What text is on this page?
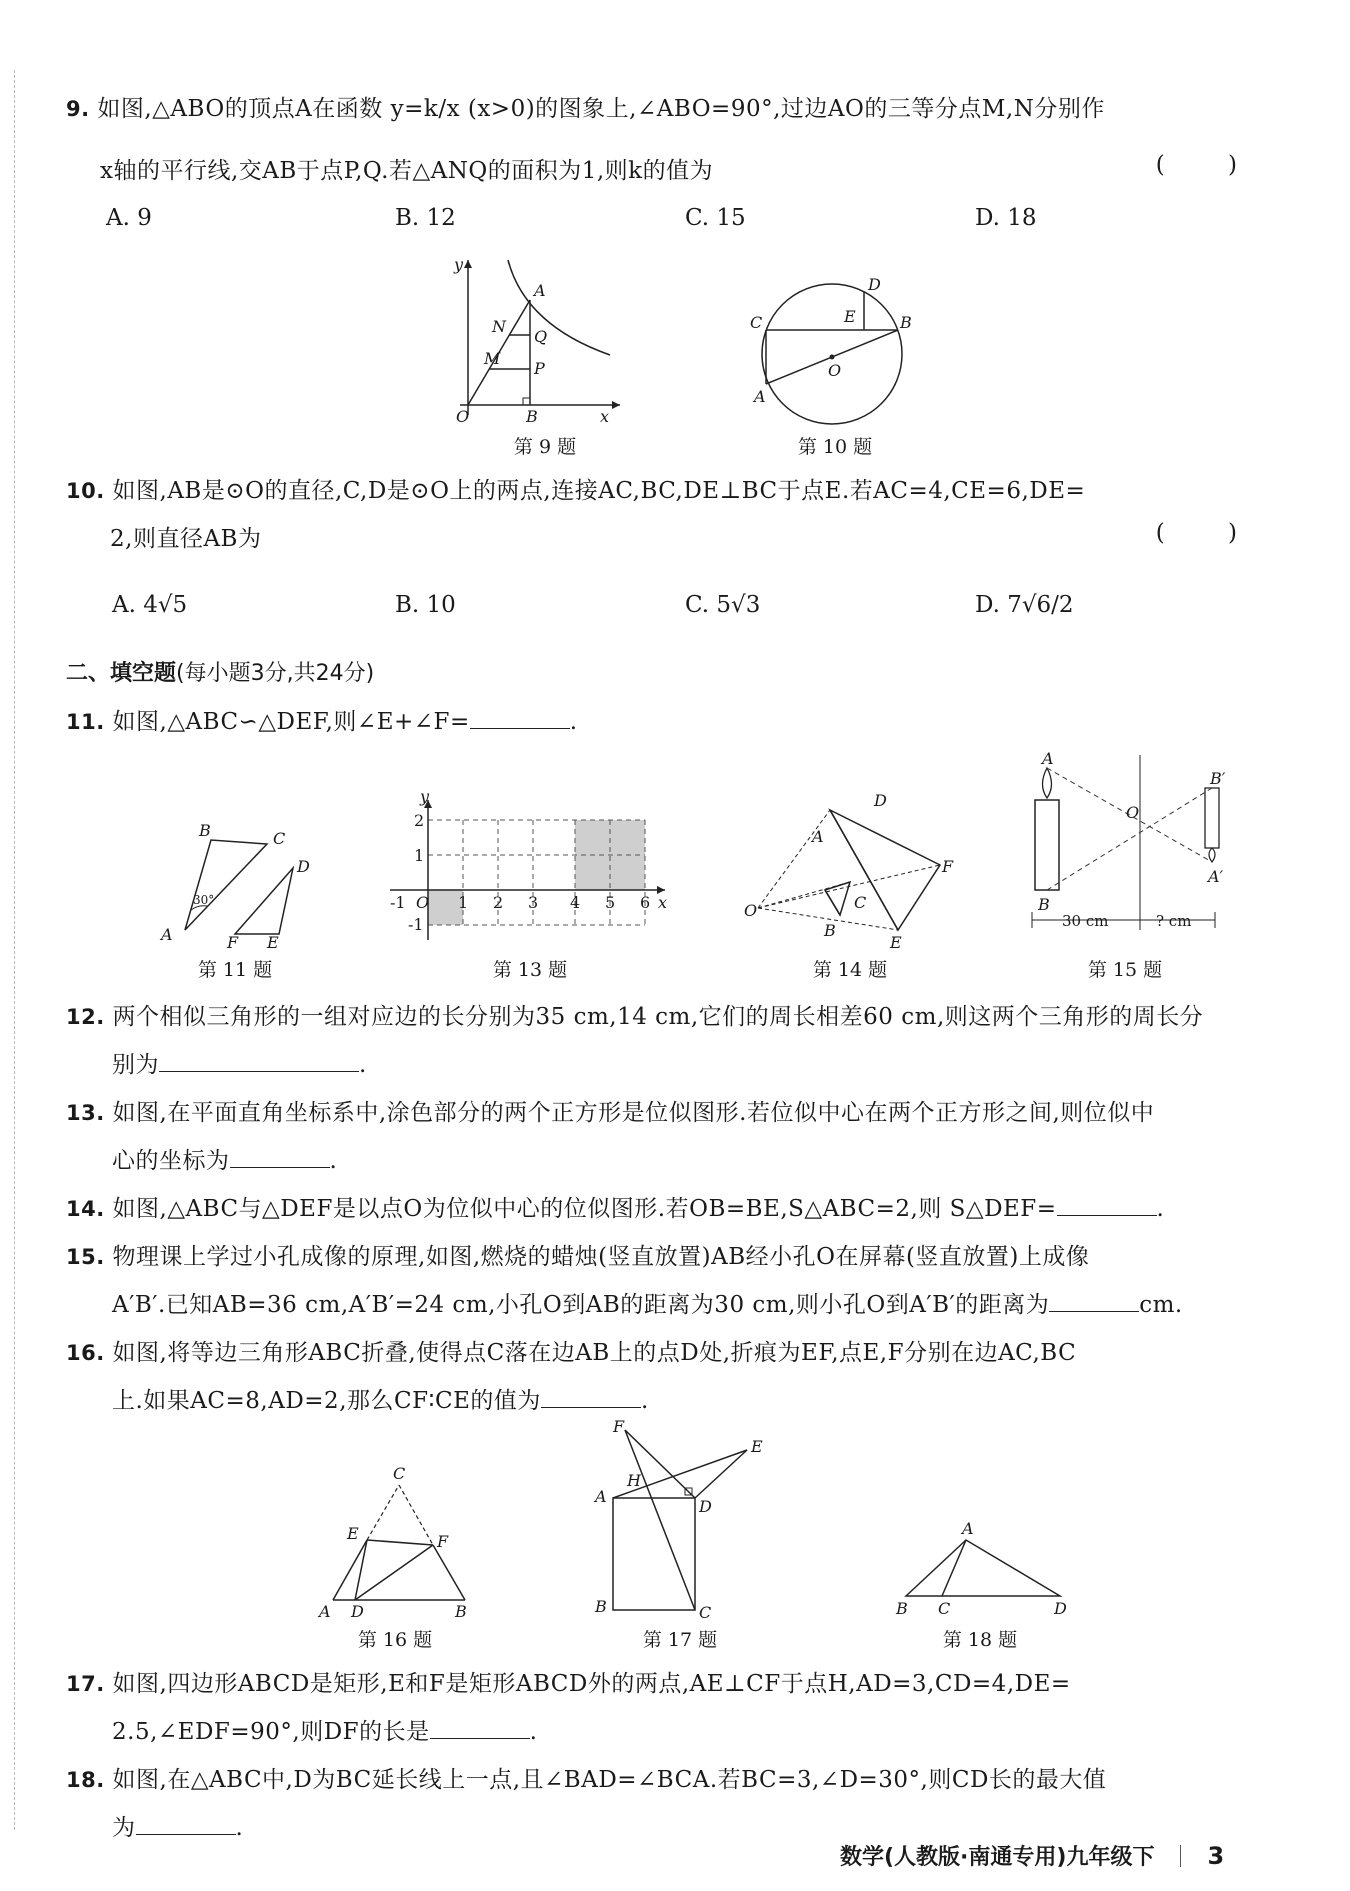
9. 如图,△ABO的顶点A在函数 y=k/x (x>0)的图象上,∠ABO=90°,过边AO的三等分点M,N分别作
x轴的平行线,交AB于点P,Q.若△ANQ的面积为1,则k的值为	( )
A. 9	B. 12	C. 15	D. 18
y
A
N
Q
M
P
O	B	x
第 9 题
D
E
C	B
O
A
第 10 题
10. 如图,AB是⊙O的直径,C,D是⊙O上的两点,连接AC,BC,DE⊥BC于点E.若AC=4,CE=6,DE=
2,则直径AB为	( )
A. 4√5	B. 10	C. 5√3	D. 7√6/2
二、填空题(每小题3分,共24分)
11. 如图,△ABC∽△DEF,则∠E+∠F=	.
30°
B	C
D
A	F E
第 11 题
y
x
2
1
-1 O 1 2 3 4 5 6
-1
第 13 题
D
A
C
F
O
B
E
第 14 题
A
B
O
B′
A′
30 cm	? cm
第 15 题
12. 两个相似三角形的一组对应边的长分别为35 cm,14 cm,它们的周长相差60 cm,则这两个三角形的周长分
别为	.
13. 如图,在平面直角坐标系中,涂色部分的两个正方形是位似图形.若位似中心在两个正方形之间,则位似中
心的坐标为	.
14. 如图,△ABC与△DEF是以点O为位似中心的位似图形.若OB=BE,S△ABC=2,则 S△DEF=	.
15. 物理课上学过小孔成像的原理,如图,燃烧的蜡烛(竖直放置)AB经小孔O在屏幕(竖直放置)上成像
A′B′.已知AB=36 cm,A′B′=24 cm,小孔O到AB的距离为30 cm,则小孔O到A′B′的距离为	cm.
16. 如图,将等边三角形ABC折叠,使得点C落在边AB上的点D处,折痕为EF,点E,F分别在边AC,BC
上.如果AC=8,AD=2,那么CF∶CE的值为	.
C
E	F
A D	B
第 16 题
F
E
H
A
D
B	C
第 17 题
A
B C	D
第 18 题
17. 如图,四边形ABCD是矩形,E和F是矩形ABCD外的两点,AE⊥CF于点H,AD=3,CD=4,DE=
2.5,∠EDF=90°,则DF的长是	.
18. 如图,在△ABC中,D为BC延长线上一点,且∠BAD=∠BCA.若BC=3,∠D=30°,则CD长的最大值
为	.
数学(人教版·南通专用)九年级下 3
